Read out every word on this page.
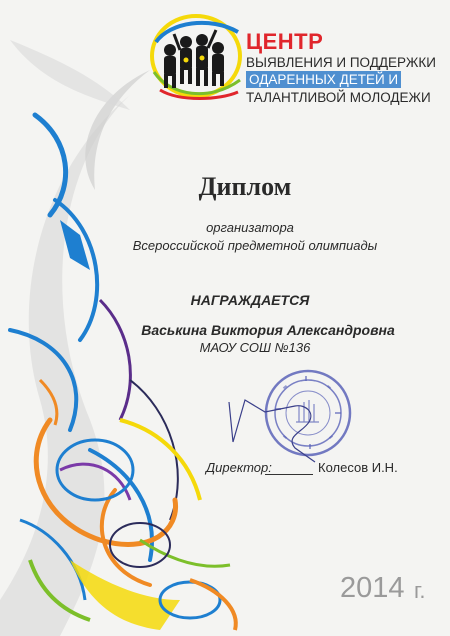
ЦЕНТР
ВЫЯВЛЕНИЯ И ПОДДЕРЖКИ
ОДАРЕННЫХ ДЕТЕЙ И
ТАЛАНТЛИВОЙ МОЛОДЕЖИ
Диплом
организатора
Всероссийской предметной олимпиады
НАГРАЖДАЕТСЯ
Васькина Виктория Александровна
МАОУ СОШ №136
Директор:	Колесов И.Н.
2014 г.
